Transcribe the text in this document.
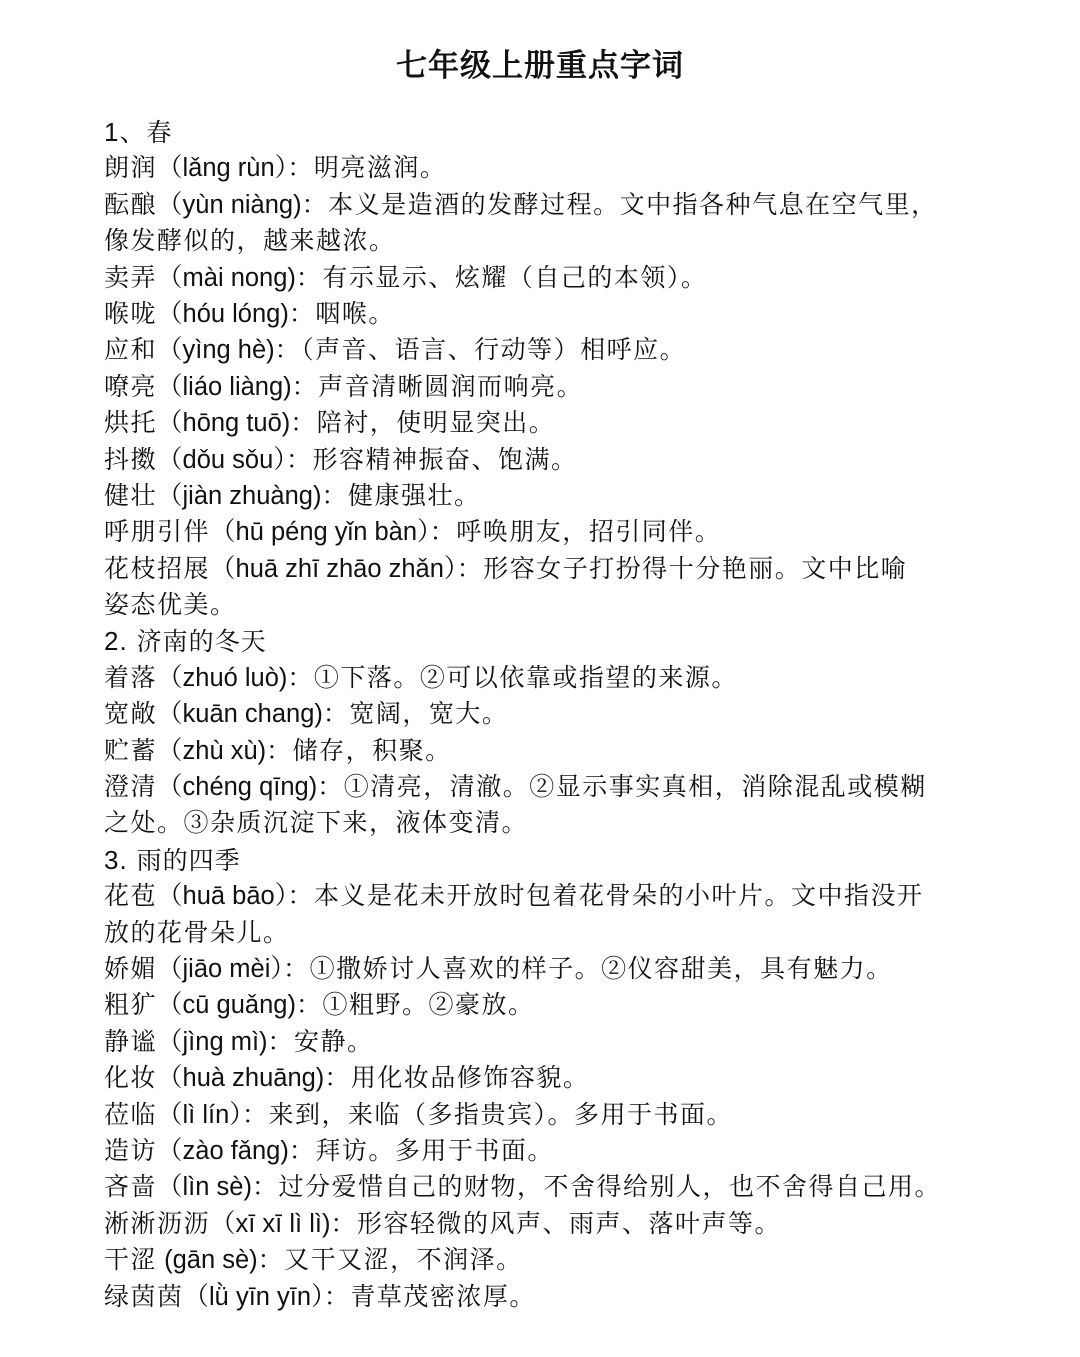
七年级上册重点字词
1、春
朗润（lǎng rùn）：明亮滋润。
酝酿（yùn niàng)：本义是造酒的发酵过程。文中指各种气息在空气里，
像发酵似的，越来越浓。
卖弄（mài nong)：有示显示、炫耀（自己的本领）。
喉咙（hóu lóng)：咽喉。
应和（yìng hè)：（声音、语言、行动等）相呼应。
嘹亮（liáo liàng)：声音清晰圆润而响亮。
烘托（hōng tuō)：陪衬，使明显突出。
抖擞（dǒu sǒu）：形容精神振奋、饱满。
健壮（jiàn zhuàng)：健康强壮。
呼朋引伴（hū péng yǐn bàn）：呼唤朋友，招引同伴。
花枝招展（huā zhī zhāo zhǎn）：形容女子打扮得十分艳丽。文中比喻
姿态优美。
2. 济南的冬天
着落（zhuó luò)：①下落。②可以依靠或指望的来源。
宽敞（kuān chang)：宽阔，宽大。
贮蓄（zhù xù)：储存，积聚。
澄清（chéng qīng)：①清亮，清澈。②显示事实真相，消除混乱或模糊
之处。③杂质沉淀下来，液体变清。
3. 雨的四季
花苞（huā bāo）：本义是花未开放时包着花骨朵的小叶片。文中指没开
放的花骨朵儿。
娇媚（jiāo mèi）：①撒娇讨人喜欢的样子。②仪容甜美，具有魅力。
粗犷（cū guǎng)：①粗野。②豪放。
静谧（jìng mì)：安静。
化妆（huà zhuāng)：用化妆品修饰容貌。
莅临（lì lín）：来到，来临（多指贵宾）。多用于书面。
造访（zào fǎng)：拜访。多用于书面。
吝啬（lìn sè)：过分爱惜自己的财物，不舍得给别人，也不舍得自己用。
淅淅沥沥（xī xī lì lì)：形容轻微的风声、雨声、落叶声等。
干涩 (gān sè)：又干又涩，不润泽。
绿茵茵（lǜ yīn yīn）：青草茂密浓厚。
